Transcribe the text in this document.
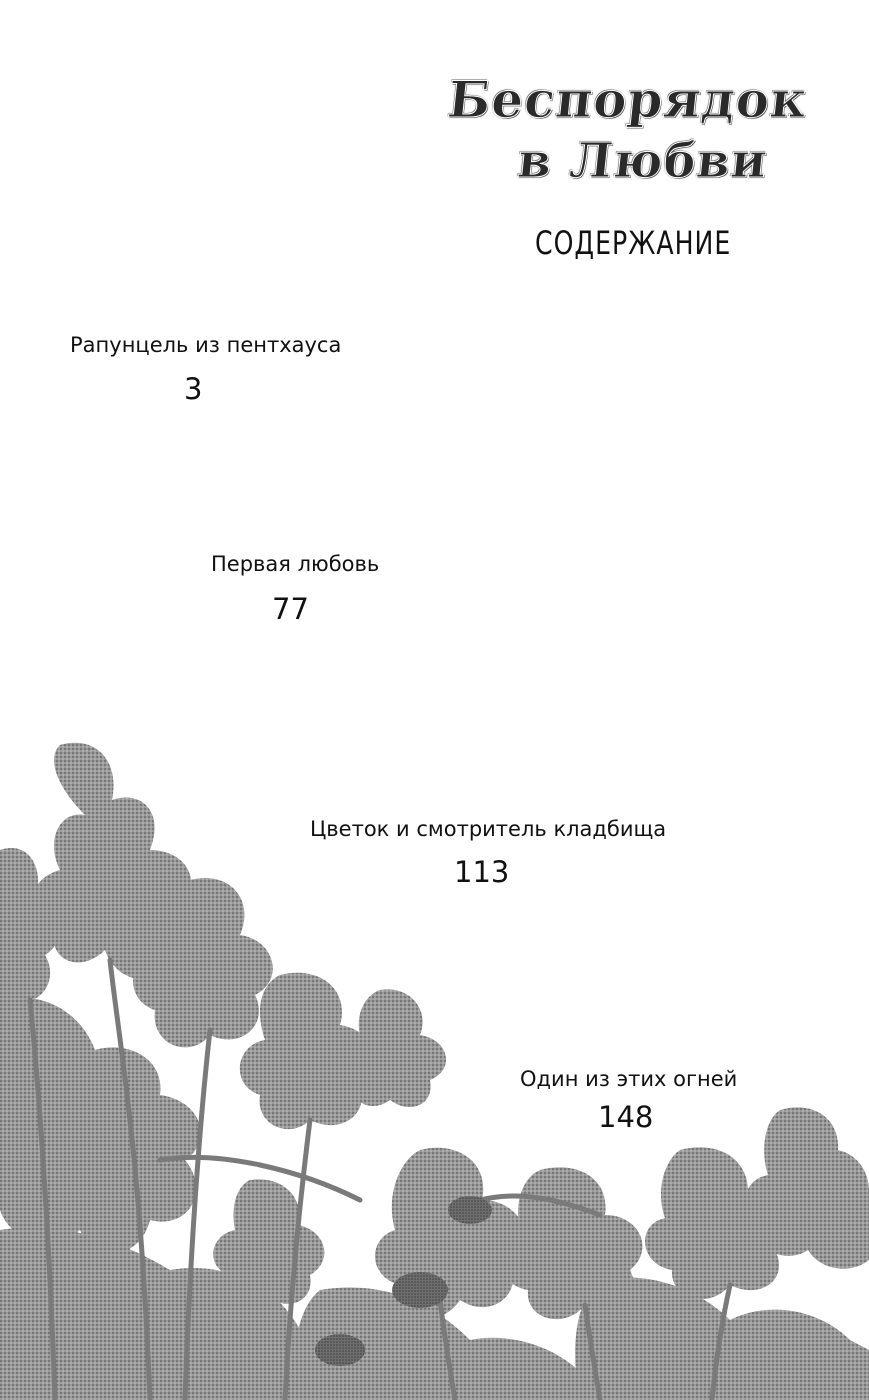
Беспорядок
в Любви
СОДЕРЖАНИЕ
Рапунцель из пентхауса
3
Первая любовь
77
Цветок и смотритель кладбища
113
Один из этих огней
148
